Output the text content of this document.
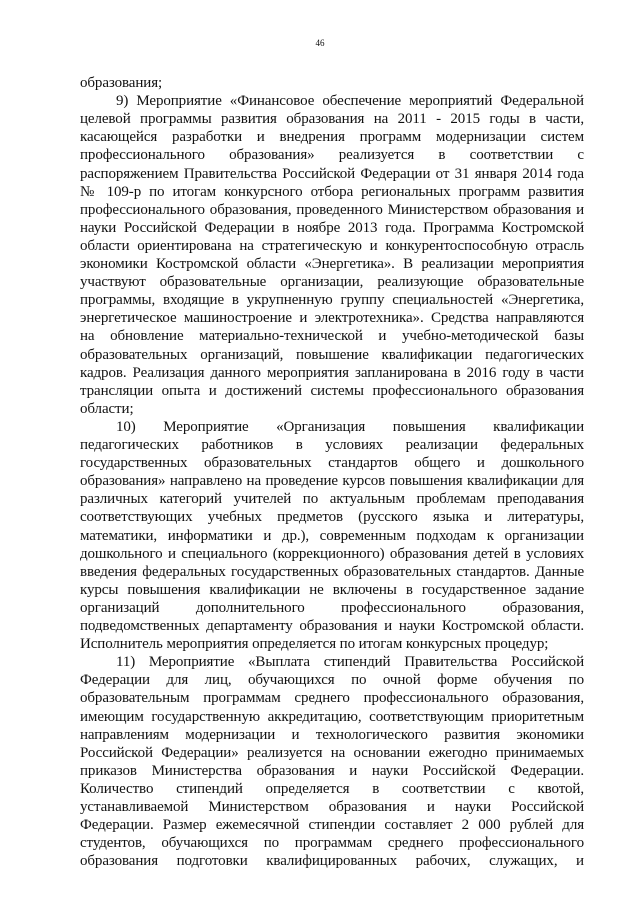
46
образования;
9) Мероприятие «Финансовое обеспечение мероприятий Федеральной
целевой программы развития образования на 2011 - 2015 годы в части,
касающейся разработки и внедрения программ модернизации систем
профессионального образования» реализуется в соответствии с
распоряжением Правительства Российской Федерации от 31 января 2014 года
№ 109-р по итогам конкурсного отбора региональных программ развития
профессионального образования, проведенного Министерством образования и
науки Российской Федерации в ноябре 2013 года. Программа Костромской
области ориентирована на стратегическую и конкурентоспособную отрасль
экономики Костромской области «Энергетика». В реализации мероприятия
участвуют образовательные организации, реализующие образовательные
программы, входящие в укрупненную группу специальностей «Энергетика,
энергетическое машиностроение и электротехника». Средства направляются
на обновление материально-технической и учебно-методической базы
образовательных организаций, повышение квалификации педагогических
кадров. Реализация данного мероприятия запланирована в 2016 году в части
трансляции опыта и достижений системы профессионального образования
области;
10) Мероприятие «Организация повышения квалификации
педагогических работников в условиях реализации федеральных
государственных образовательных стандартов общего и дошкольного
образования» направлено на проведение курсов повышения квалификации для
различных категорий учителей по актуальным проблемам преподавания
соответствующих учебных предметов (русского языка и литературы,
математики, информатики и др.), современным подходам к организации
дошкольного и специального (коррекционного) образования детей в условиях
введения федеральных государственных образовательных стандартов. Данные
курсы повышения квалификации не включены в государственное задание
организаций дополнительного профессионального образования,
подведомственных департаменту образования и науки Костромской области.
Исполнитель мероприятия определяется по итогам конкурсных процедур;
11) Мероприятие «Выплата стипендий Правительства Российской
Федерации для лиц, обучающихся по очной форме обучения по
образовательным программам среднего профессионального образования,
имеющим государственную аккредитацию, соответствующим приоритетным
направлениям модернизации и технологического развития экономики
Российской Федерации» реализуется на основании ежегодно принимаемых
приказов Министерства образования и науки Российской Федерации.
Количество стипендий определяется в соответствии с квотой,
устанавливаемой Министерством образования и науки Российской
Федерации. Размер ежемесячной стипендии составляет 2 000 рублей для
студентов, обучающихся по программам среднего профессионального
образования подготовки квалифицированных рабочих, служащих, и
